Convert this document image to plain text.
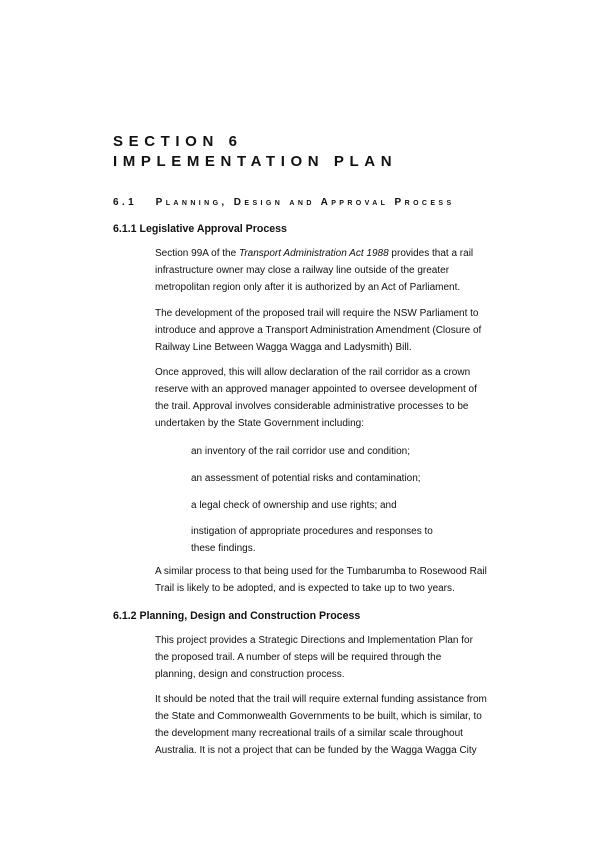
SECTION 6
IMPLEMENTATION PLAN
6.1 PLANNING, DESIGN AND APPROVAL PROCESS
6.1.1 Legislative Approval Process

Section 99A of the Transport Administration Act 1988 provides that a rail
infrastructure owner may close a railway line outside of the greater
metropolitan region only after it is authorized by an Act of Parliament.

The development of the proposed trail will require the NSW Parliament to
introduce and approve a Transport Administration Amendment (Closure of
Railway Line Between Wagga Wagga and Ladysmith) Bill.

Once approved, this will allow declaration of the rail corridor as a crown
reserve with an approved manager appointed to oversee development of
the trail. Approval involves considerable administrative processes to be
undertaken by the State Government including:

an inventory of the rail corridor use and condition;

an assessment of potential risks and contamination;

a legal check of ownership and use rights; and

instigation of appropriate procedures and responses to
these findings.

A similar process to that being used for the Tumbarumba to Rosewood Rail
Trail is likely to be adopted, and is expected to take up to two years.

6.1.2 Planning, Design and Construction Process

This project provides a Strategic Directions and Implementation Plan for
the proposed trail. A number of steps will be required through the
planning, design and construction process.

It should be noted that the trail will require external funding assistance from
the State and Commonwealth Governments to be built, which is similar, to
the development many recreational trails of a similar scale throughout
Australia. It is not a project that can be funded by the Wagga Wagga City
